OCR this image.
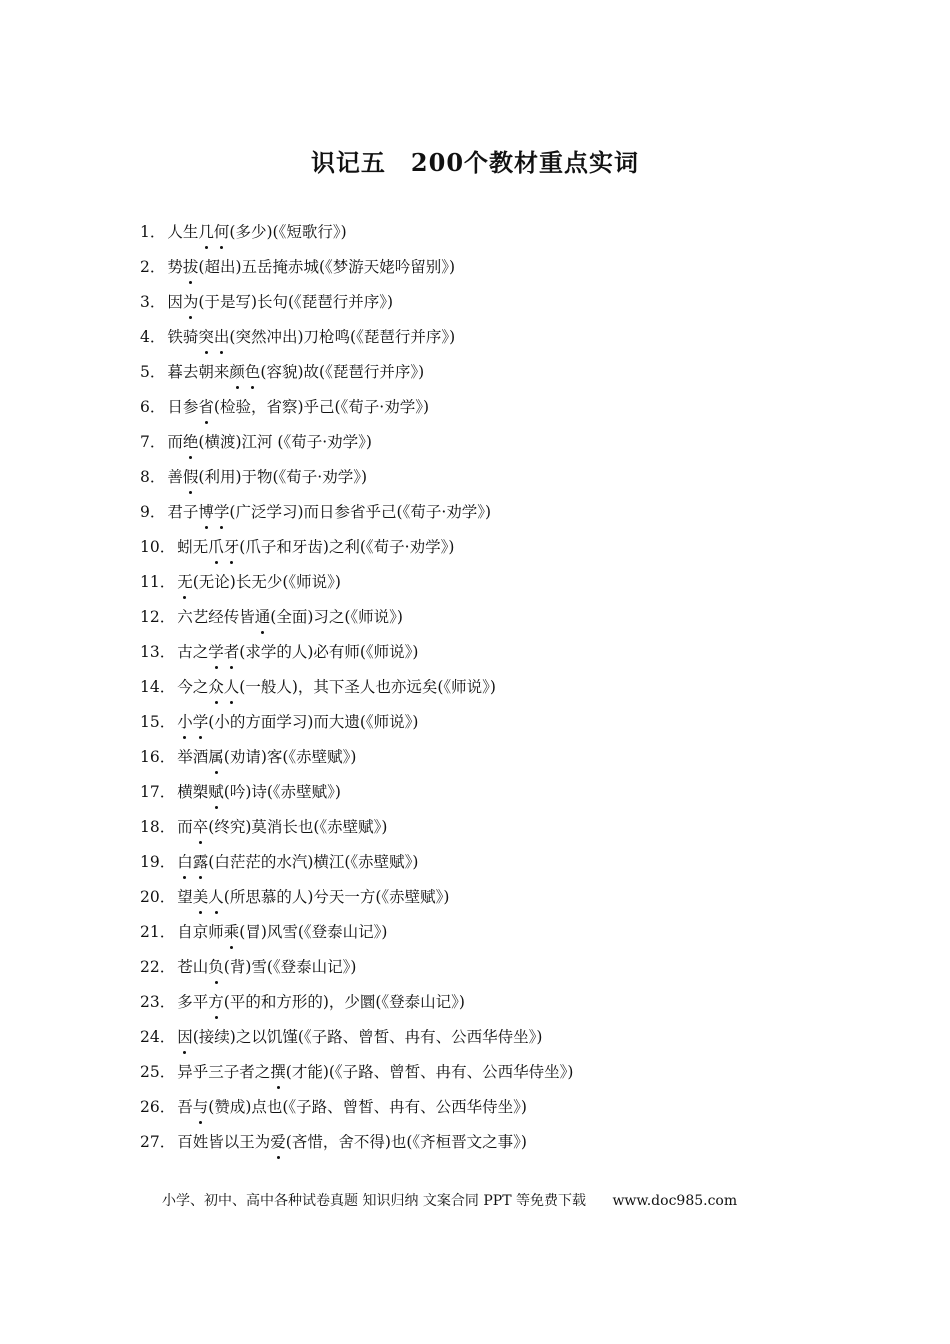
识记五　200个教材重点实词
1． 人生几何(多少)(《短歌行》)
2． 势拔(超出)五岳掩赤城(《梦游天姥吟留别》)
3． 因为(于是写)长句(《琵琶行并序》)
4． 铁骑突出(突然冲出)刀枪鸣(《琵琶行并序》)
5． 暮去朝来颜色(容貌)故(《琵琶行并序》)
6． 日参省(检验，省察)乎己(《荀子·劝学》)
7． 而绝(横渡)江河 (《荀子·劝学》)
8． 善假(利用)于物(《荀子·劝学》)
9． 君子博学(广泛学习)而日参省乎己(《荀子·劝学》)
10． 蚓无爪牙(爪子和牙齿)之利(《荀子·劝学》)
11． 无(无论)长无少(《师说》)
12． 六艺经传皆通(全面)习之(《师说》)
13． 古之学者(求学的人)必有师(《师说》)
14． 今之众人(一般人)，其下圣人也亦远矣(《师说》)
15． 小学(小的方面学习)而大遗(《师说》)
16． 举酒属(劝请)客(《赤壁赋》)
17． 横槊赋(吟)诗(《赤壁赋》)
18． 而卒(终究)莫消长也(《赤壁赋》)
19． 白露(白茫茫的水汽)横江(《赤壁赋》)
20． 望美人(所思慕的人)兮天一方(《赤壁赋》)
21． 自京师乘(冒)风雪(《登泰山记》)
22． 苍山负(背)雪(《登泰山记》)
23． 多平方(平的和方形的)，少圜(《登泰山记》)
24． 因(接续)之以饥馑(《子路、曾皙、冉有、公西华侍坐》)
25． 异乎三子者之撰(才能)(《子路、曾皙、冉有、公西华侍坐》)
26． 吾与(赞成)点也(《子路、曾皙、冉有、公西华侍坐》)
27． 百姓皆以王为爱(吝惜，舍不得)也(《齐桓晋文之事》)
小学、初中、高中各种试卷真题 知识归纳 文案合同 PPT 等免费下载 www.doc985.com
